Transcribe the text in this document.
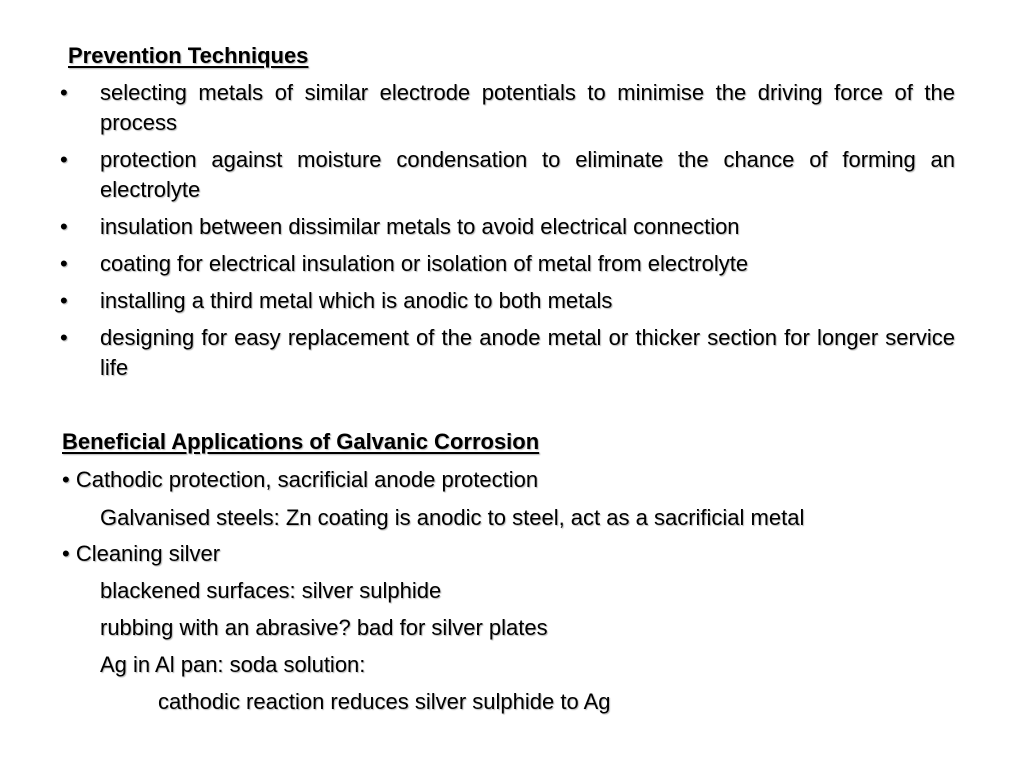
Prevention Techniques
•	selecting metals of similar electrode potentials to minimise the driving force of the process
•	protection against moisture condensation to eliminate the chance of forming an electrolyte
•	insulation between dissimilar metals to avoid electrical connection
•	coating for electrical insulation or isolation of metal from electrolyte
•	installing a third metal which is anodic to both metals
•	designing for easy replacement of the anode metal or thicker section for longer service life
Beneficial Applications of Galvanic Corrosion
• Cathodic protection, sacrificial anode protection
Galvanised steels: Zn coating is anodic to steel, act as a sacrificial metal
• Cleaning silver
blackened surfaces: silver sulphide
rubbing with an abrasive? bad for silver plates
Ag in Al pan: soda solution:
cathodic reaction reduces silver sulphide to Ag
